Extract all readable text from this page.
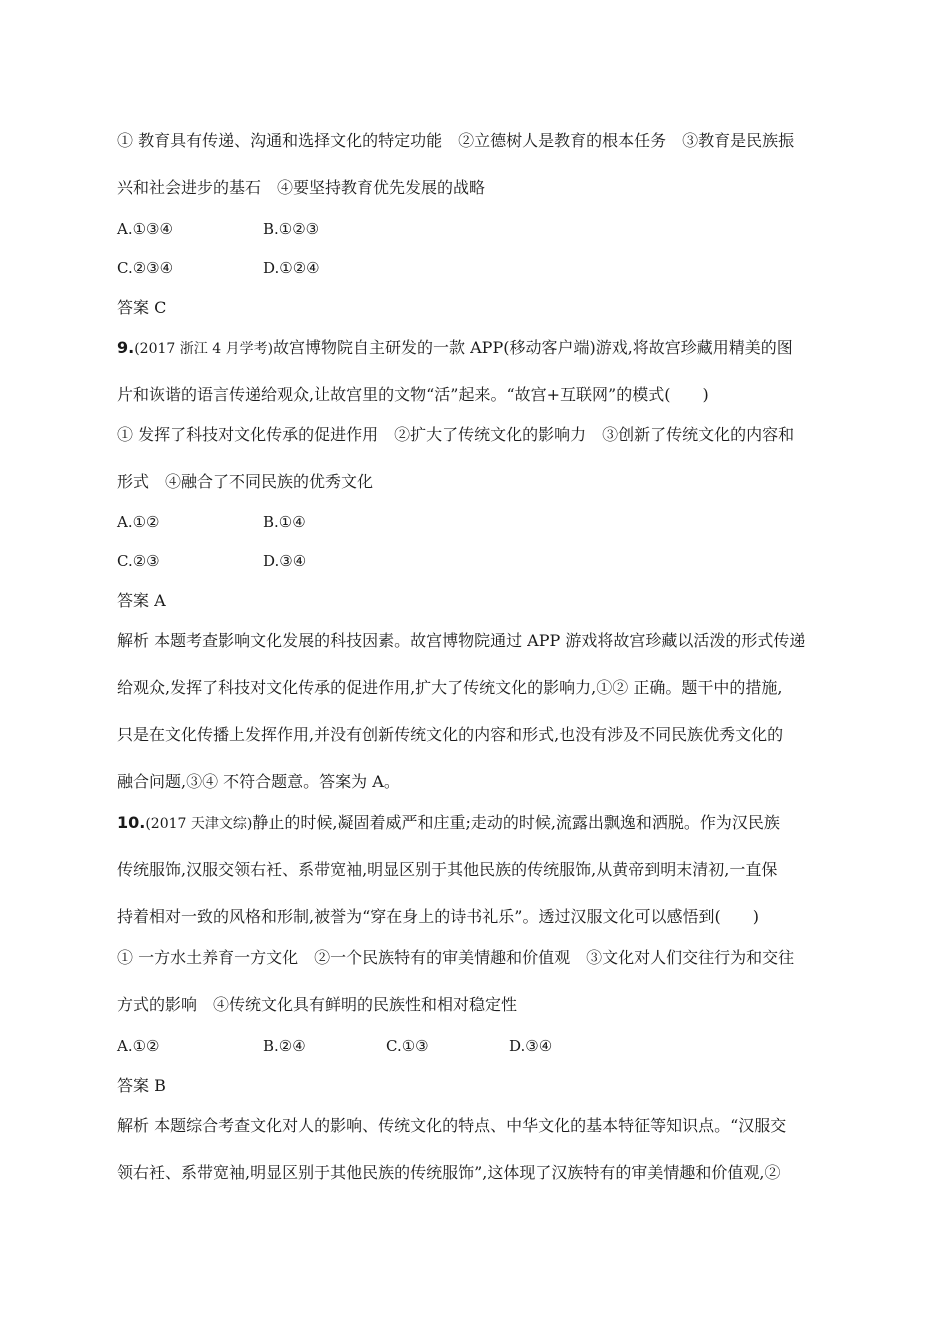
① 教育具有传递、沟通和选择文化的特定功能　②立德树人是教育的根本任务　③教育是民族振
兴和社会进步的基石　④要坚持教育优先发展的战略
A.①③④	B.①②③
C.②③④	D.①②④
答案 C
9.(2017 浙江 4 月学考)故宫博物院自主研发的一款 APP(移动客户端)游戏,将故宫珍藏用精美的图
片和诙谐的语言传递给观众,让故宫里的文物“活”起来。“故宫+互联网”的模式(　　)
① 发挥了科技对文化传承的促进作用　②扩大了传统文化的影响力　③创新了传统文化的内容和
形式　④融合了不同民族的优秀文化
A.①②	B.①④
C.②③	D.③④
答案 A
解析 本题考查影响文化发展的科技因素。故宫博物院通过 APP 游戏将故宫珍藏以活泼的形式传递
给观众,发挥了科技对文化传承的促进作用,扩大了传统文化的影响力,①② 正确。题干中的措施,
只是在文化传播上发挥作用,并没有创新传统文化的内容和形式,也没有涉及不同民族优秀文化的
融合问题,③④ 不符合题意。答案为 A。
10.(2017 天津文综)静止的时候,凝固着威严和庄重;走动的时候,流露出飘逸和洒脱。作为汉民族
传统服饰,汉服交领右衽、系带宽袖,明显区别于其他民族的传统服饰,从黄帝到明末清初,一直保
持着相对一致的风格和形制,被誉为“穿在身上的诗书礼乐”。透过汉服文化可以感悟到(　　)
① 一方水土养育一方文化　②一个民族特有的审美情趣和价值观　③文化对人们交往行为和交往
方式的影响　④传统文化具有鲜明的民族性和相对稳定性
A.①②	B.②④	C.①③	D.③④
答案 B
解析 本题综合考查文化对人的影响、传统文化的特点、中华文化的基本特征等知识点。“汉服交
领右衽、系带宽袖,明显区别于其他民族的传统服饰”,这体现了汉族特有的审美情趣和价值观,②
